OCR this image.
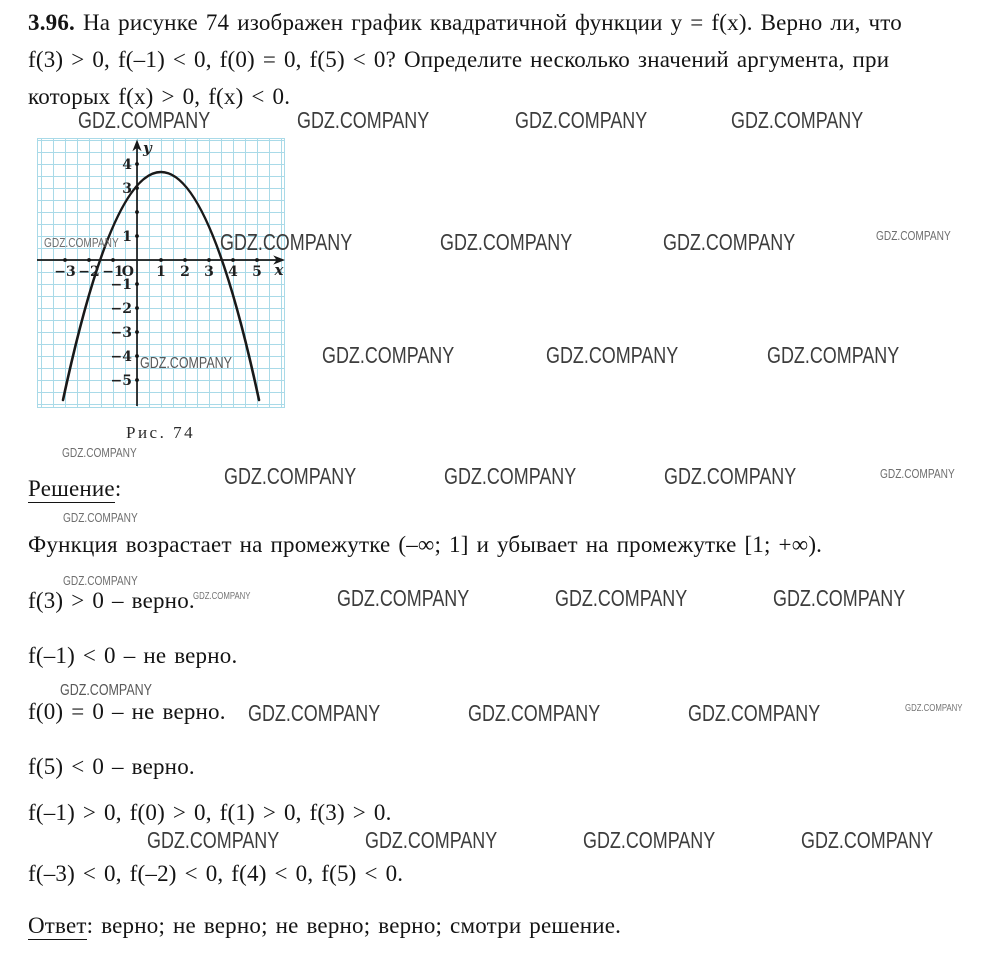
3.96. На рисунке 74 изображен график квадратичной функции y = f(x). Верно ли, что
f(3) > 0, f(–1) < 0, f(0) = 0, f(5) < 0? Определите несколько значений аргумента, при
которых f(x) > 0, f(x) < 0.
GDZ.COMPANY	GDZ.COMPANY	GDZ.COMPANY	GDZ.COMPANY
y
x
O
−3 −2 −1 1 2 3 4 5
4
3
1
−1
−2
−3
−4
−5
GDZ.COMPANY	GDZ.COMPANY	GDZ.COMPANY	GDZ.COMPANY	GDZ.COMPANY
GDZ.COMPANY	GDZ.COMPANY	GDZ.COMPANY	GDZ.COMPANY
Рис. 74
GDZ.COMPANY
GDZ.COMPANY	GDZ.COMPANY	GDZ.COMPANY	GDZ.COMPANY
Решение:
GDZ.COMPANY
Функция возрастает на промежутке (–∞; 1] и убывает на промежутке [1; +∞).
GDZ.COMPANY
f(3) > 0 – верно.
GDZ.COMPANY	GDZ.COMPANY	GDZ.COMPANY	GDZ.COMPANY
f(–1) < 0 – не верно.
GDZ.COMPANY
f(0) = 0 – не верно. GDZ.COMPANY	GDZ.COMPANY	GDZ.COMPANY	GDZ.COMPANY
f(5) < 0 – верно.
f(–1) > 0, f(0) > 0, f(1) > 0, f(3) > 0.
GDZ.COMPANY	GDZ.COMPANY	GDZ.COMPANY	GDZ.COMPANY
f(–3) < 0, f(–2) < 0, f(4) < 0, f(5) < 0.
Ответ: верно; не верно; не верно; верно; смотри решение.
